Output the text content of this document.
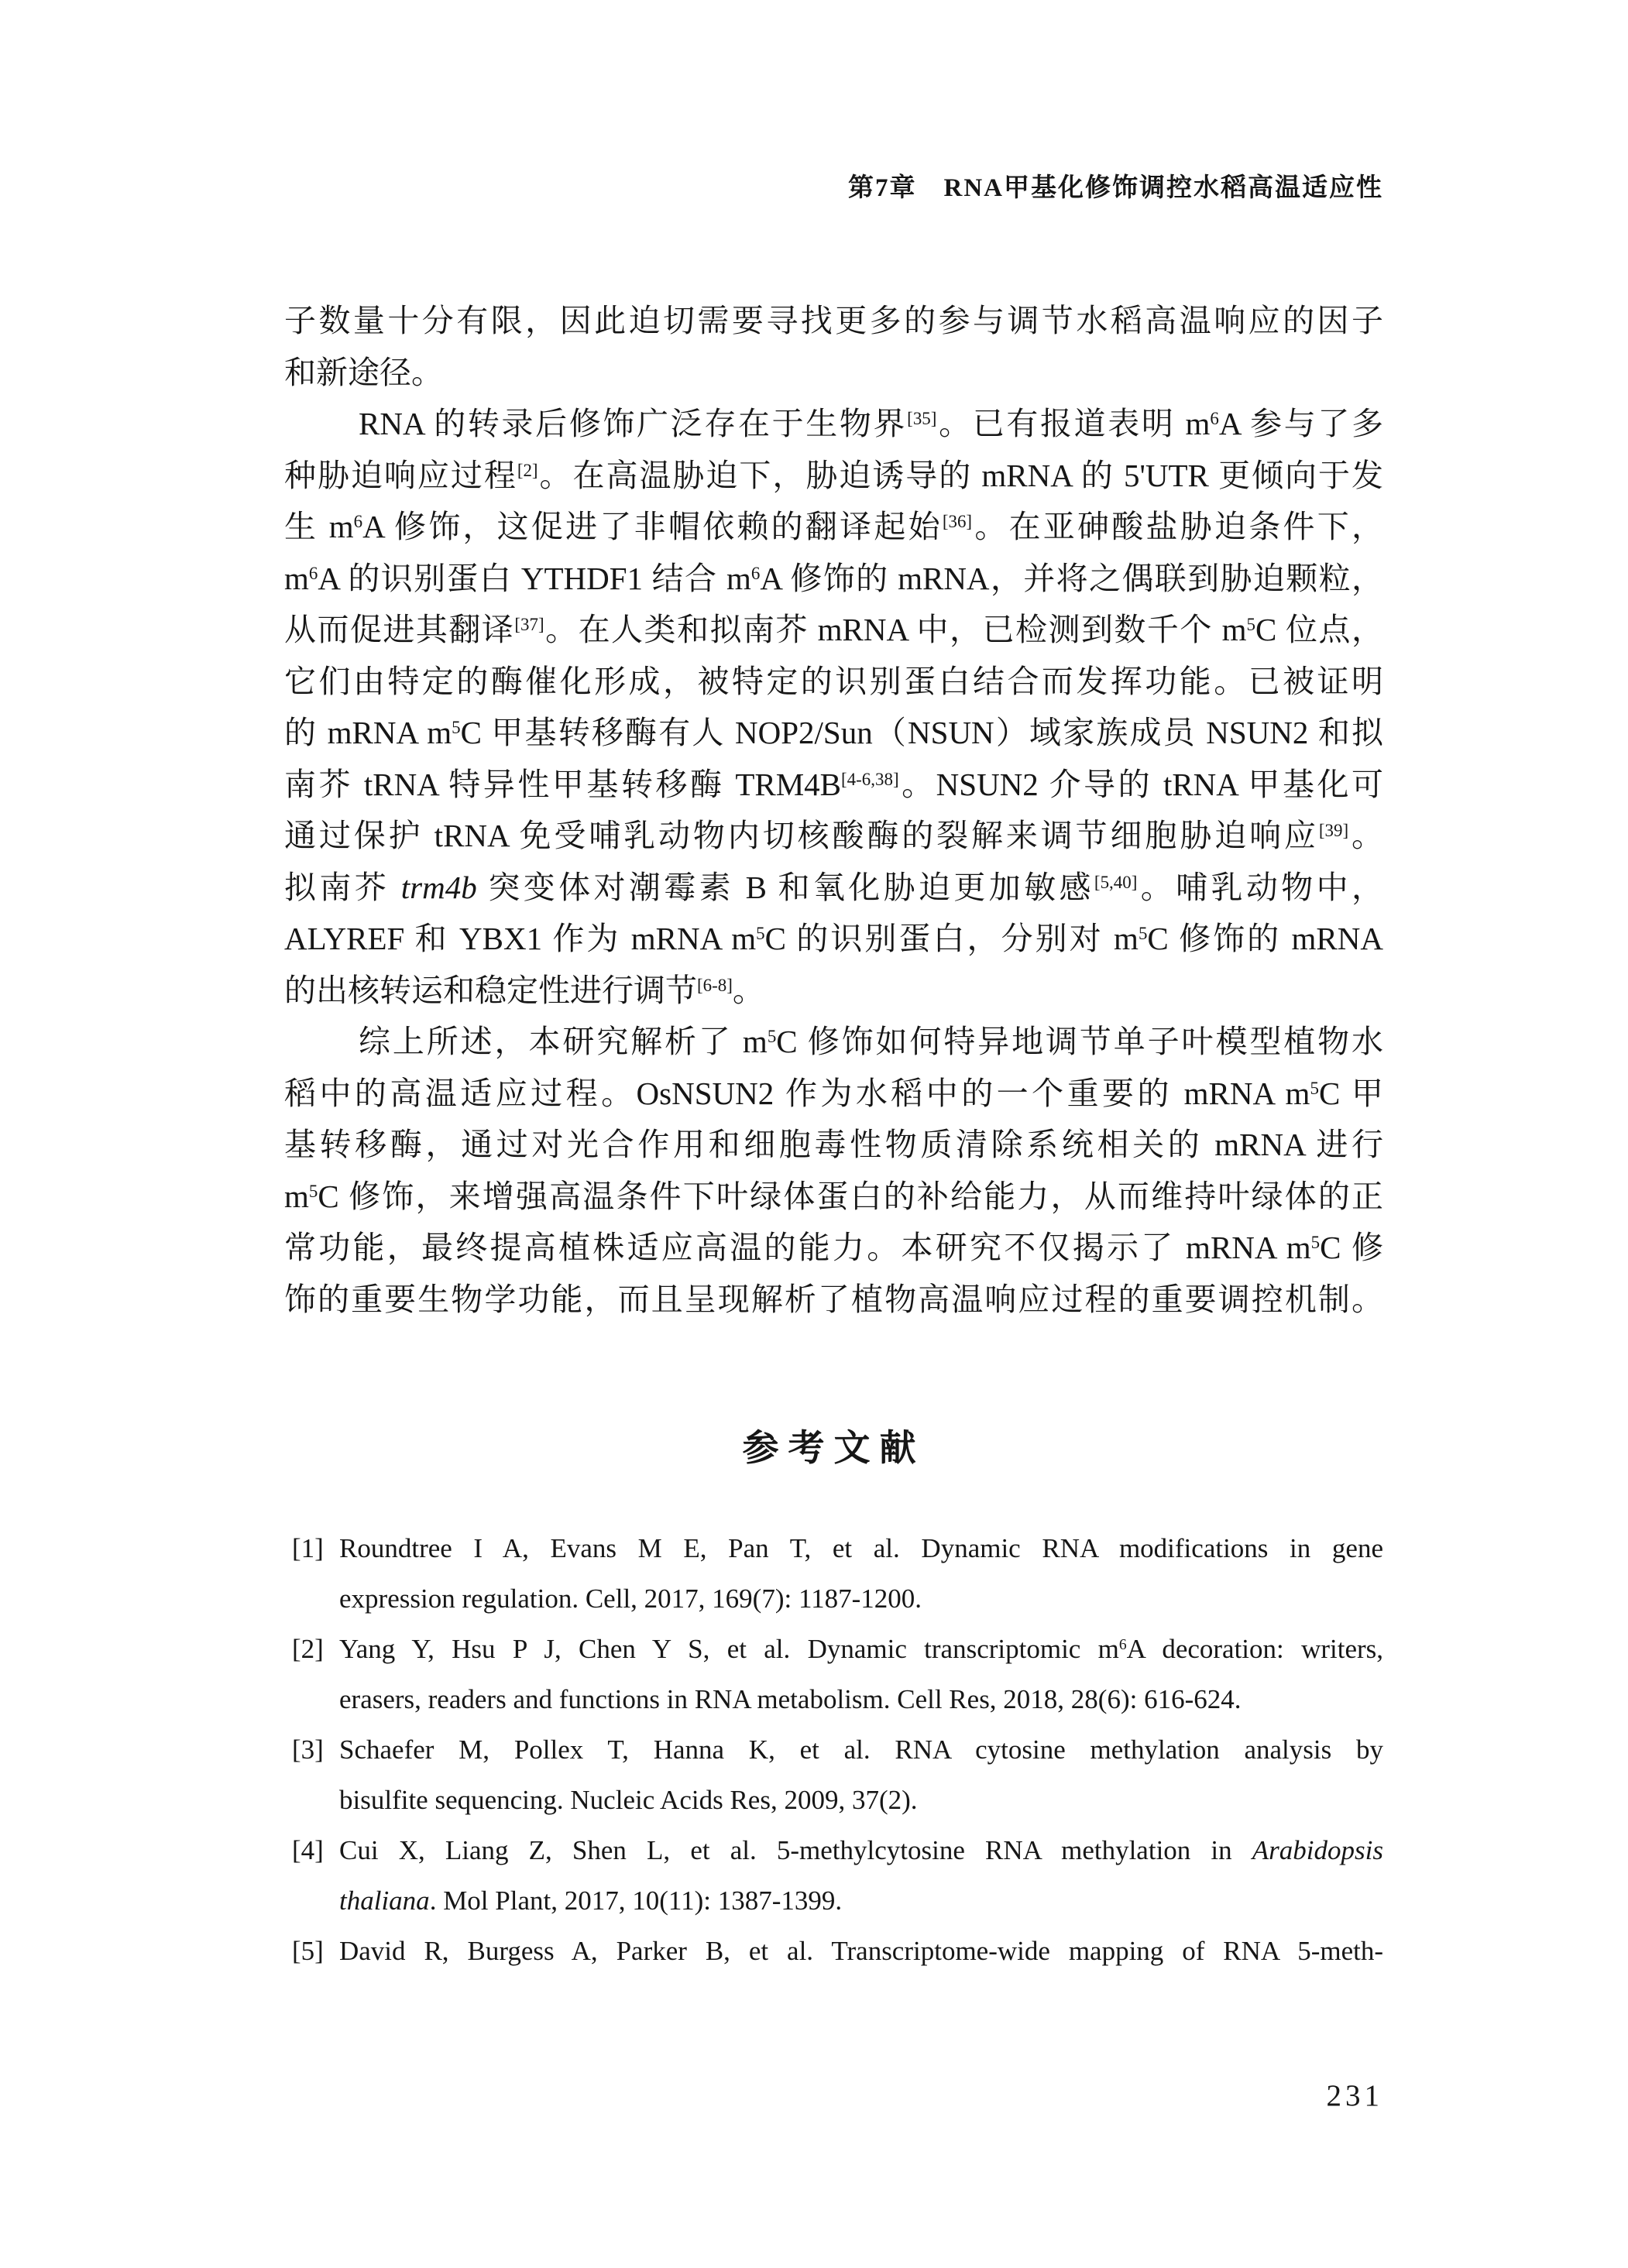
第7章　RNA甲基化修饰调控水稻高温适应性
子数量十分有限，因此迫切需要寻找更多的参与调节水稻高温响应的因子
和新途径。
RNA 的转录后修饰广泛存在于生物界[35]。已有报道表明 $m^6A$ 参与了多
种胁迫响应过程[2]。在高温胁迫下，胁迫诱导的 mRNA 的 5'UTR 更倾向于发
生 $m^6A$ 修饰，这促进了非帽依赖的翻译起始[36]。在亚砷酸盐胁迫条件下，
$m^6A$ 的识别蛋白 YTHDF1 结合 $m^6A$ 修饰的 mRNA，并将之偶联到胁迫颗粒，
从而促进其翻译[37]。在人类和拟南芥 mRNA 中，已检测到数千个 $m^5C$ 位点，
它们由特定的酶催化形成，被特定的识别蛋白结合而发挥功能。已被证明
的 mRNA $m^5C$ 甲基转移酶有人 NOP2/Sun（NSUN）域家族成员 NSUN2 和拟
南芥 tRNA 特异性甲基转移酶 TRM4B[4-6,38]。NSUN2 介导的 tRNA 甲基化可
通过保护 tRNA 免受哺乳动物内切核酸酶的裂解来调节细胞胁迫响应[39]。
拟南芥 trm4b 突变体对潮霉素 B 和氧化胁迫更加敏感[5,40]。哺乳动物中，
ALYREF 和 YBX1 作为 mRNA $m^5C$ 的识别蛋白，分别对 $m^5C$ 修饰的 mRNA
的出核转运和稳定性进行调节[6-8]。
综上所述，本研究解析了 $m^5C$ 修饰如何特异地调节单子叶模型植物水
稻中的高温适应过程。OsNSUN2 作为水稻中的一个重要的 mRNA $m^5C$ 甲
基转移酶，通过对光合作用和细胞毒性物质清除系统相关的 mRNA 进行
$m^5C$ 修饰，来增强高温条件下叶绿体蛋白的补给能力，从而维持叶绿体的正
常功能，最终提高植株适应高温的能力。本研究不仅揭示了 mRNA $m^5C$ 修
饰的重要生物学功能，而且呈现解析了植物高温响应过程的重要调控机制。
参考文献
[1] Roundtree I A, Evans M E, Pan T, et al. Dynamic RNA modifications in gene
expression regulation. Cell, 2017, 169(7): 1187-1200.
[2] Yang Y, Hsu P J, Chen Y S, et al. Dynamic transcriptomic $m^6A$ decoration: writers,
erasers, readers and functions in RNA metabolism. Cell Res, 2018, 28(6): 616-624.
[3] Schaefer M, Pollex T, Hanna K, et al. RNA cytosine methylation analysis by
bisulfite sequencing. Nucleic Acids Res, 2009, 37(2).
[4] Cui X, Liang Z, Shen L, et al. 5-methylcytosine RNA methylation in Arabidopsis
thaliana. Mol Plant, 2017, 10(11): 1387-1399.
[5] David R, Burgess A, Parker B, et al. Transcriptome-wide mapping of RNA 5-meth-
231
